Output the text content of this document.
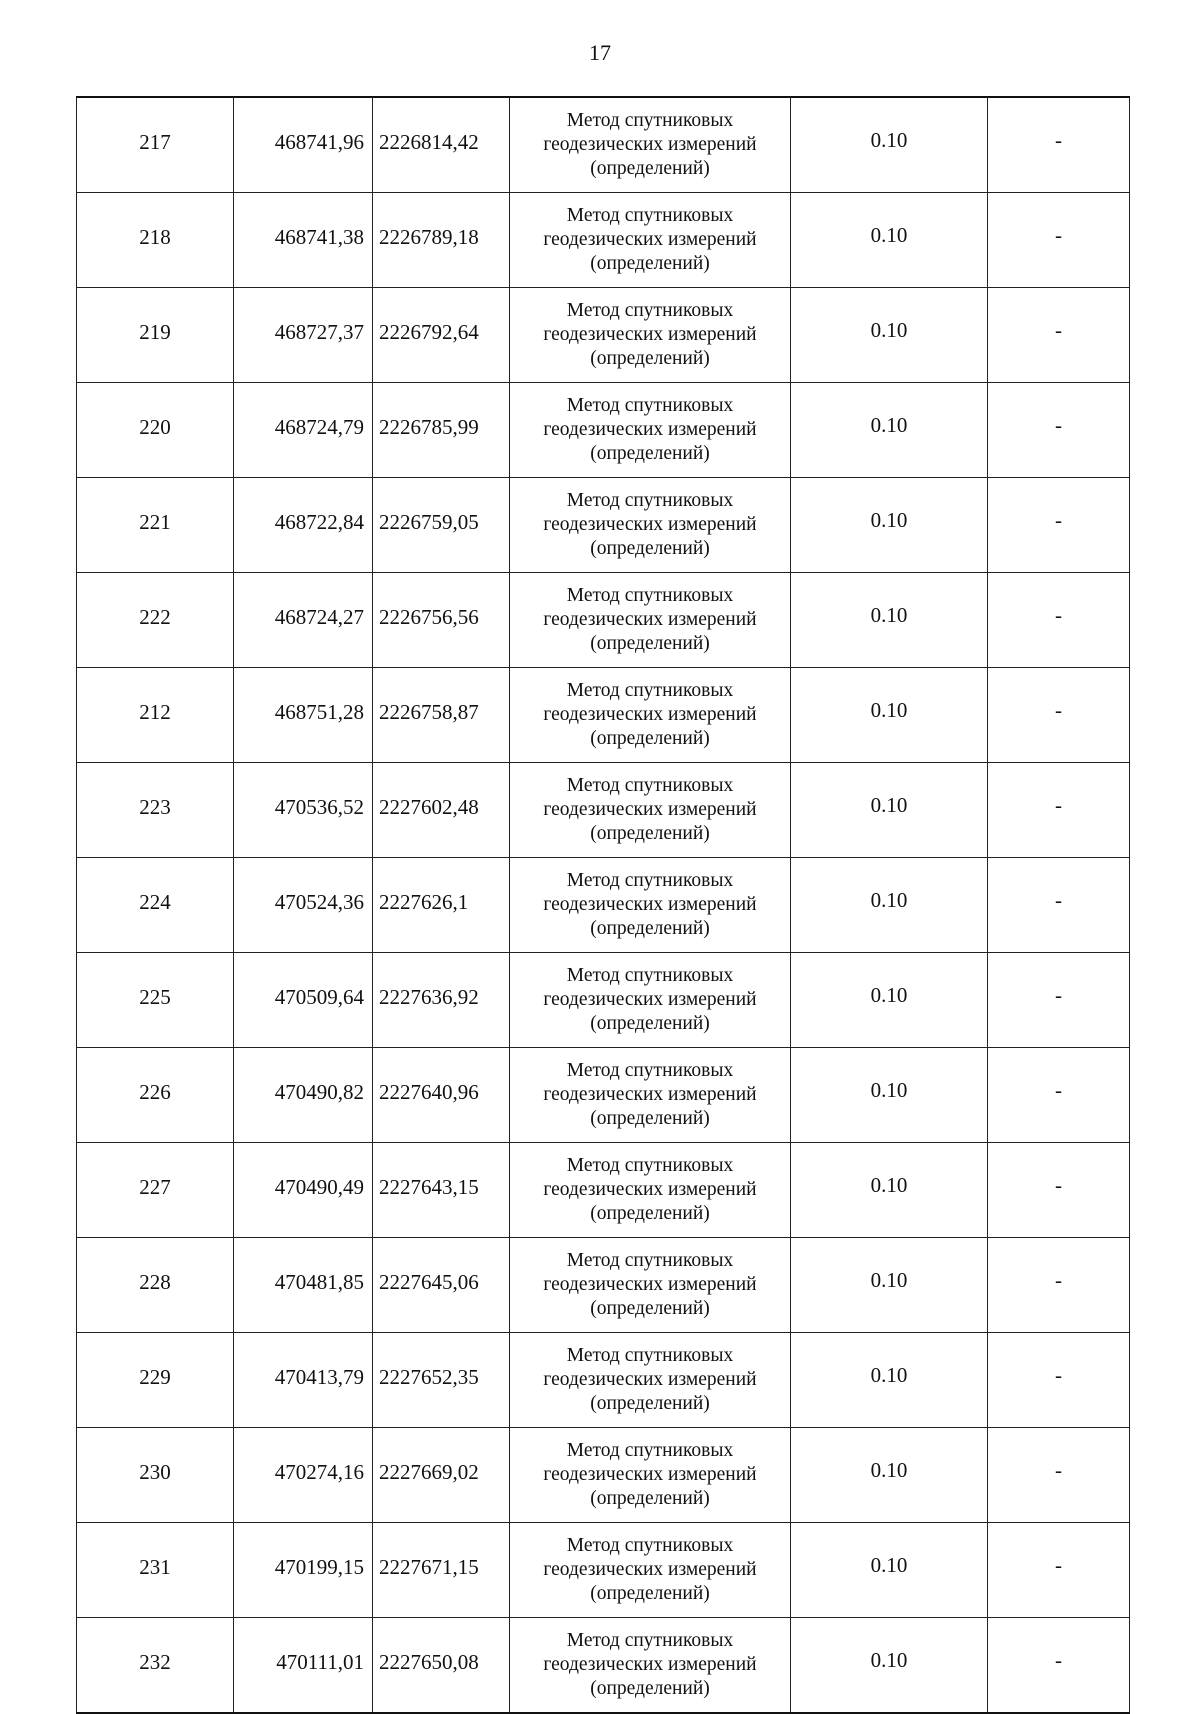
17
217	468741,96	2226814,42	Метод спутниковых
геодезических измерений
(определений)	0.10	-
218	468741,38	2226789,18	Метод спутниковых
геодезических измерений
(определений)	0.10	-
219	468727,37	2226792,64	Метод спутниковых
геодезических измерений
(определений)	0.10	-
220	468724,79	2226785,99	Метод спутниковых
геодезических измерений
(определений)	0.10	-
221	468722,84	2226759,05	Метод спутниковых
геодезических измерений
(определений)	0.10	-
222	468724,27	2226756,56	Метод спутниковых
геодезических измерений
(определений)	0.10	-
212	468751,28	2226758,87	Метод спутниковых
геодезических измерений
(определений)	0.10	-
223	470536,52	2227602,48	Метод спутниковых
геодезических измерений
(определений)	0.10	-
224	470524,36	2227626,1	Метод спутниковых
геодезических измерений
(определений)	0.10	-
225	470509,64	2227636,92	Метод спутниковых
геодезических измерений
(определений)	0.10	-
226	470490,82	2227640,96	Метод спутниковых
геодезических измерений
(определений)	0.10	-
227	470490,49	2227643,15	Метод спутниковых
геодезических измерений
(определений)	0.10	-
228	470481,85	2227645,06	Метод спутниковых
геодезических измерений
(определений)	0.10	-
229	470413,79	2227652,35	Метод спутниковых
геодезических измерений
(определений)	0.10	-
230	470274,16	2227669,02	Метод спутниковых
геодезических измерений
(определений)	0.10	-
231	470199,15	2227671,15	Метод спутниковых
геодезических измерений
(определений)	0.10	-
232	470111,01	2227650,08	Метод спутниковых
геодезических измерений
(определений)	0.10	-
